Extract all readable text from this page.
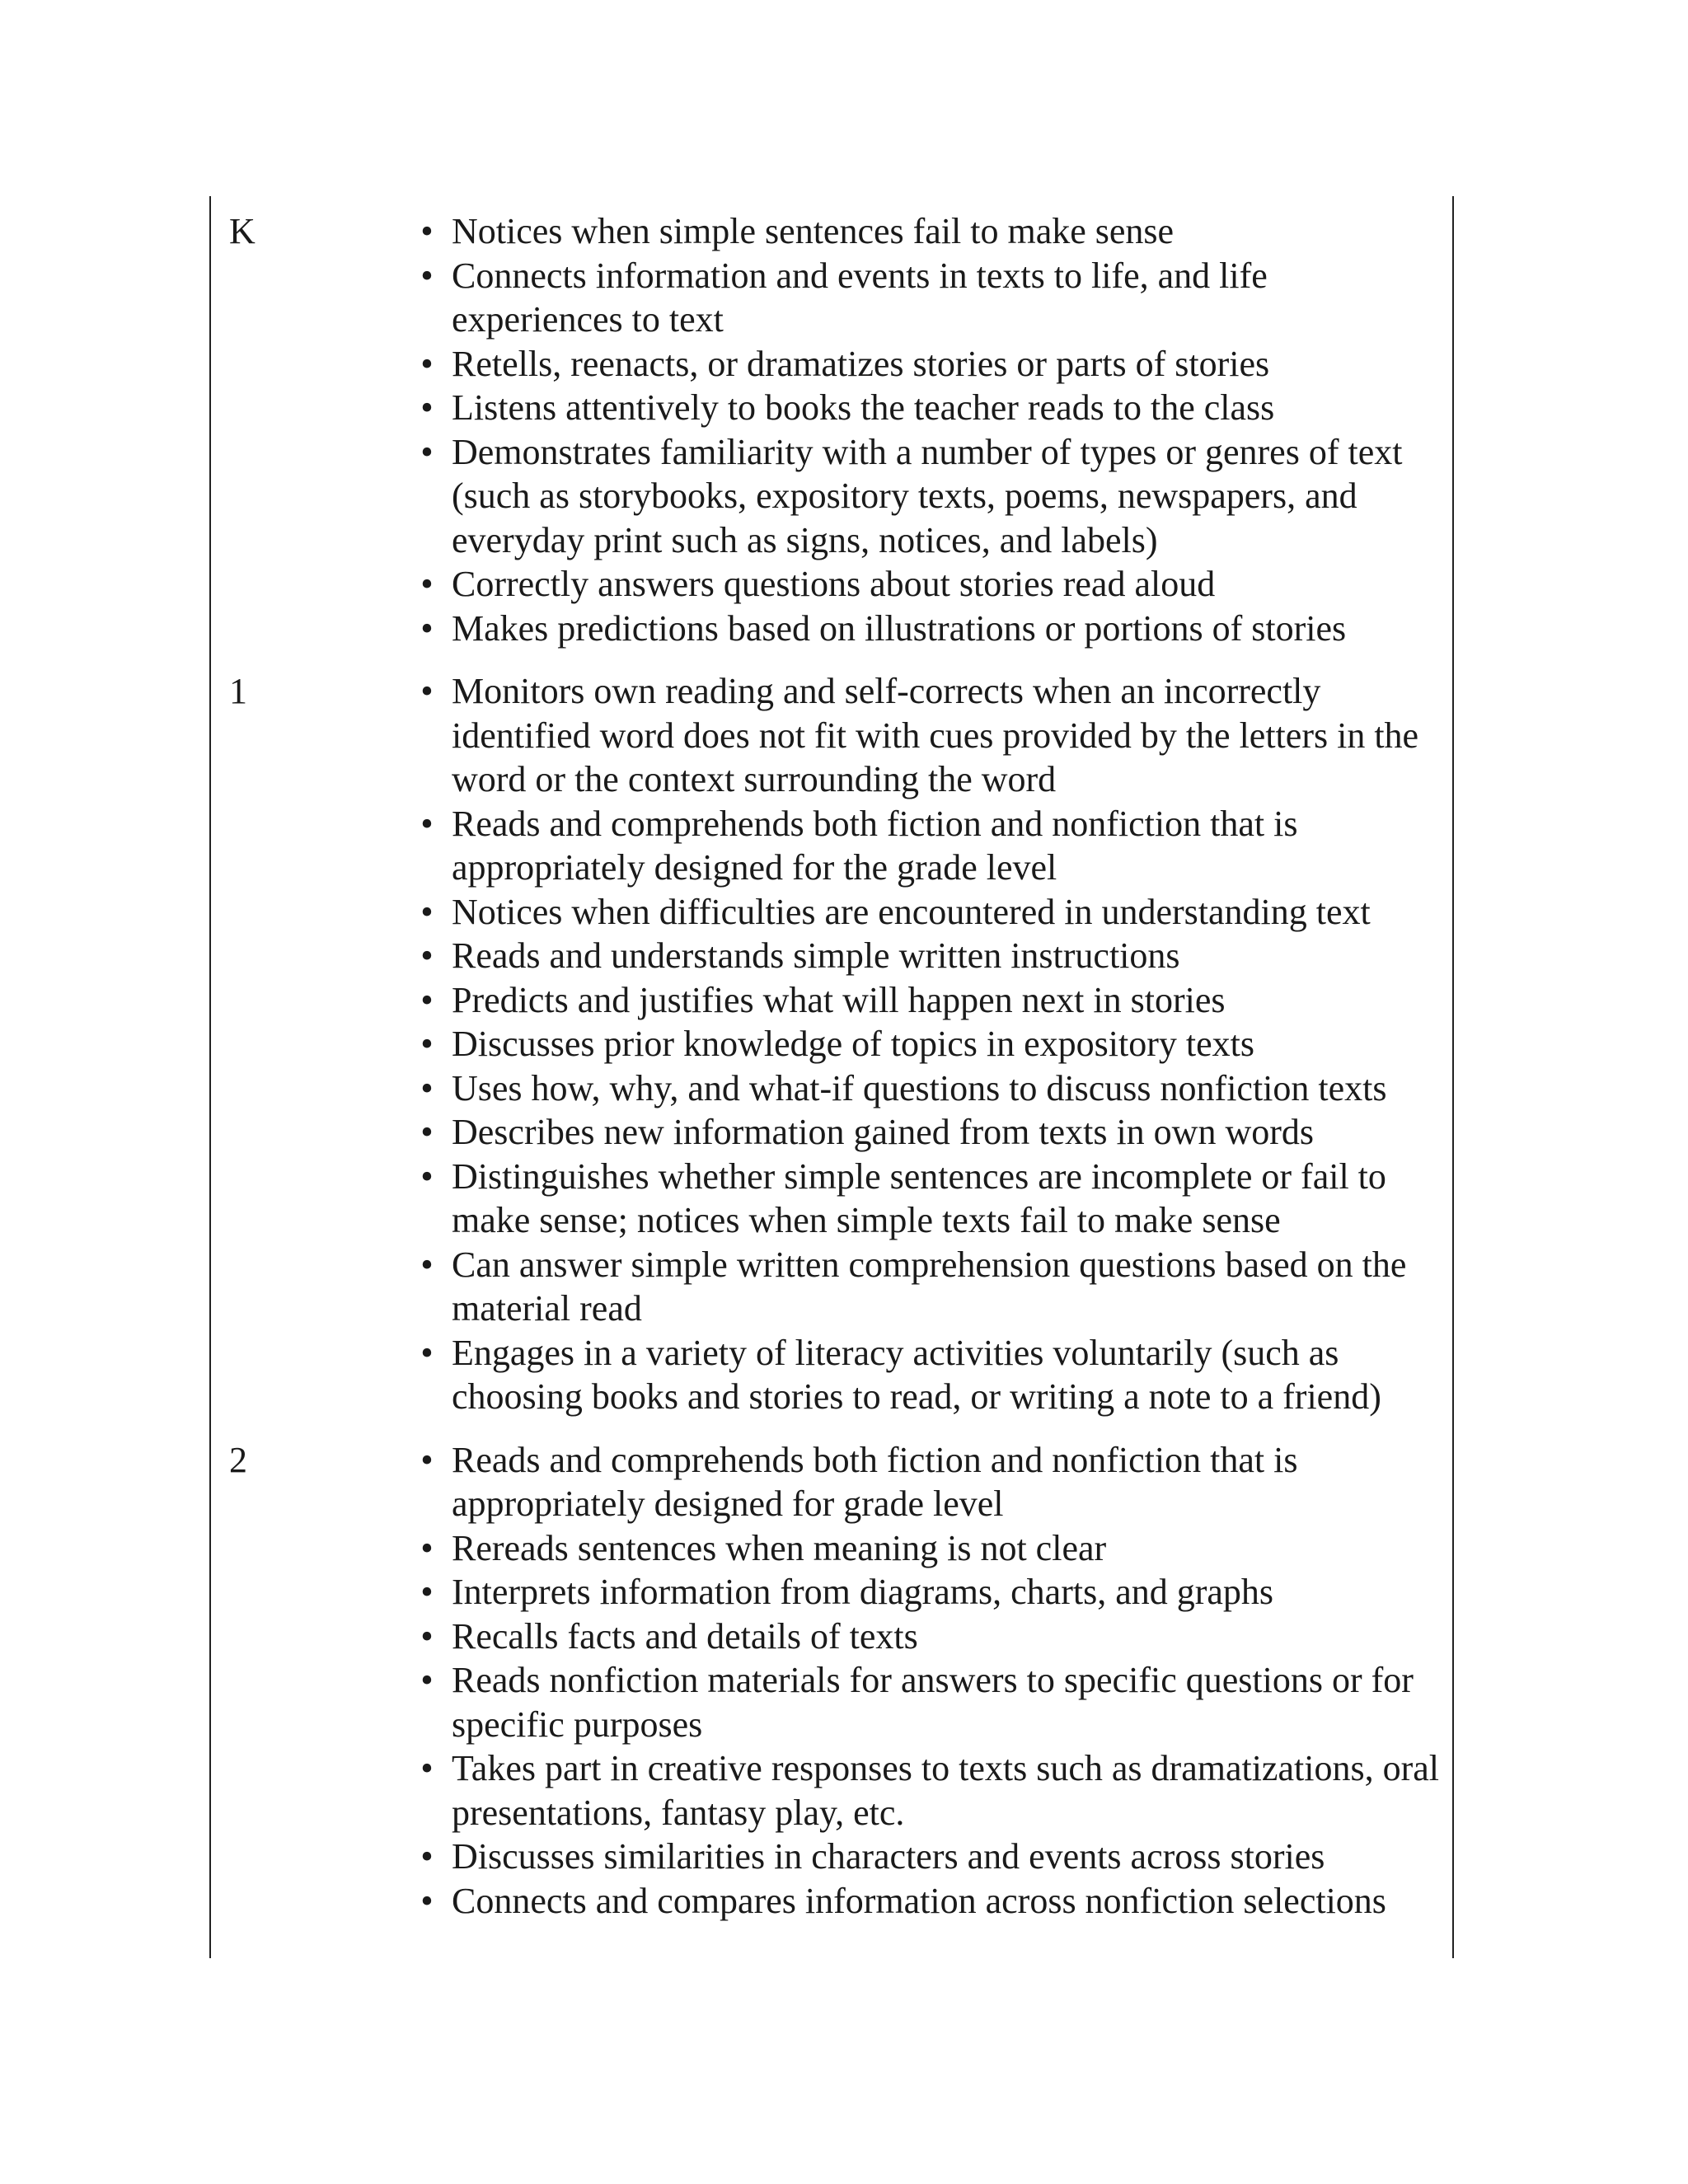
K	• Notices when simple sentences fail to make sense
• Connects information and events in texts to life, and life experiences to text
• Retells, reenacts, or dramatizes stories or parts of stories
• Listens attentively to books the teacher reads to the class
• Demonstrates familiarity with a number of types or genres of text (such as storybooks, expository texts, poems, newspapers, and everyday print such as signs, notices, and labels)
• Correctly answers questions about stories read aloud
• Makes predictions based on illustrations or portions of stories
1	• Monitors own reading and self-corrects when an incorrectly identified word does not fit with cues provided by the letters in the word or the context surrounding the word
• Reads and comprehends both fiction and nonfiction that is appropriately designed for the grade level
• Notices when difficulties are encountered in understanding text
• Reads and understands simple written instructions
• Predicts and justifies what will happen next in stories
• Discusses prior knowledge of topics in expository texts
• Uses how, why, and what-if questions to discuss nonfiction texts
• Describes new information gained from texts in own words
• Distinguishes whether simple sentences are incomplete or fail to make sense; notices when simple texts fail to make sense
• Can answer simple written comprehension questions based on the material read
• Engages in a variety of literacy activities voluntarily (such as choosing books and stories to read, or writing a note to a friend)
2	• Reads and comprehends both fiction and nonfiction that is appropriately designed for grade level
• Rereads sentences when meaning is not clear
• Interprets information from diagrams, charts, and graphs
• Recalls facts and details of texts
• Reads nonfiction materials for answers to specific questions or for specific purposes
• Takes part in creative responses to texts such as dramatizations, oral presentations, fantasy play, etc.
• Discusses similarities in characters and events across stories
• Connects and compares information across nonfiction selections
